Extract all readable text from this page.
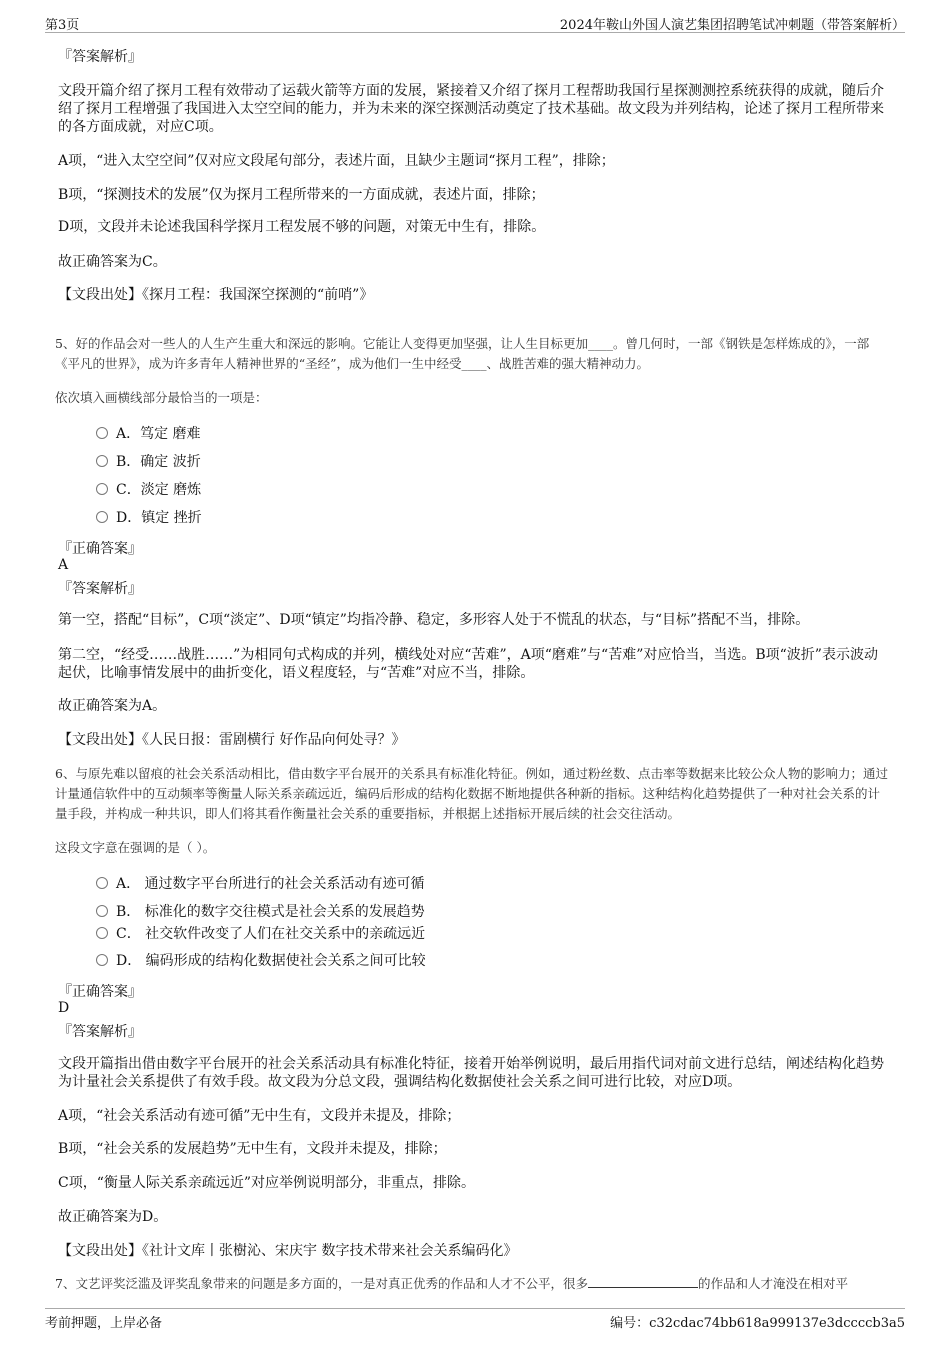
第3页	2024年鞍山外国人演艺集团招聘笔试冲刺题（带答案解析）
『答案解析』
文段开篇介绍了探月工程有效带动了运载火箭等方面的发展，紧接着又介绍了探月工程帮助我国行星探测测控系统获得的成就，随后介绍了探月工程增强了我国进入太空空间的能力，并为未来的深空探测活动奠定了技术基础。故文段为并列结构，论述了探月工程所带来的各方面成就，对应C项。
A项，“进入太空空间”仅对应文段尾句部分，表述片面，且缺少主题词“探月工程”，排除；
B项，“探测技术的发展”仅为探月工程所带来的一方面成就，表述片面，排除；
D项，文段并未论述我国科学探月工程发展不够的问题，对策无中生有，排除。
故正确答案为C。
【文段出处】《探月工程：我国深空探测的“前哨”》
5、好的作品会对一些人的人生产生重大和深远的影响。它能让人变得更加坚强，让人生目标更加____。曾几何时，一部《钢铁是怎样炼成的》，一部《平凡的世界》，成为许多青年人精神世界的“圣经”，成为他们一生中经受____、战胜苦难的强大精神动力。
依次填入画横线部分最恰当的一项是：
A．笃定 磨难
B．确定 波折
C．淡定 磨炼
D．镇定 挫折
『正确答案』
A
『答案解析』
第一空，搭配“目标”，C项“淡定”、D项“镇定”均指冷静、稳定，多形容人处于不慌乱的状态，与“目标”搭配不当，排除。
第二空，“经受……战胜……”为相同句式构成的并列，横线处对应“苦难”，A项“磨难”与“苦难”对应恰当，当选。B项“波折”表示波动起伏，比喻事情发展中的曲折变化，语义程度轻，与“苦难”对应不当，排除。
故正确答案为A。
【文段出处】《人民日报：雷剧横行 好作品向何处寻？》
6、与原先难以留痕的社会关系活动相比，借由数字平台展开的关系具有标准化特征。例如，通过粉丝数、点击率等数据来比较公众人物的影响力；通过计量通信软件中的互动频率等衡量人际关系亲疏远近，编码后形成的结构化数据不断地提供各种新的指标。这种结构化趋势提供了一种对社会关系的计量手段，并构成一种共识，即人们将其看作衡量社会关系的重要指标，并根据上述指标开展后续的社会交往活动。
这段文字意在强调的是（ ）。
A． 通过数字平台所进行的社会关系活动有迹可循
B． 标准化的数字交往模式是社会关系的发展趋势
C． 社交软件改变了人们在社交关系中的亲疏远近
D． 编码形成的结构化数据使社会关系之间可比较
『正确答案』
D
『答案解析』
文段开篇指出借由数字平台展开的社会关系活动具有标准化特征，接着开始举例说明，最后用指代词对前文进行总结，阐述结构化趋势为计量社会关系提供了有效手段。故文段为分总文段，强调结构化数据使社会关系之间可进行比较，对应D项。
A项，“社会关系活动有迹可循”无中生有，文段并未提及，排除；
B项，“社会关系的发展趋势”无中生有，文段并未提及，排除；
C项，“衡量人际关系亲疏远近”对应举例说明部分，非重点，排除。
故正确答案为D。
【文段出处】《社计文库丨张樹沁、宋庆宇 数字技术带来社会关系编码化》
7、文艺评奖泛滥及评奖乱象带来的问题是多方面的，一是对真正优秀的作品和人才不公平，很多	的作品和人才淹没在相对平
考前押题，上岸必备	编号：c32cdac74bb618a999137e3dccccb3a5
